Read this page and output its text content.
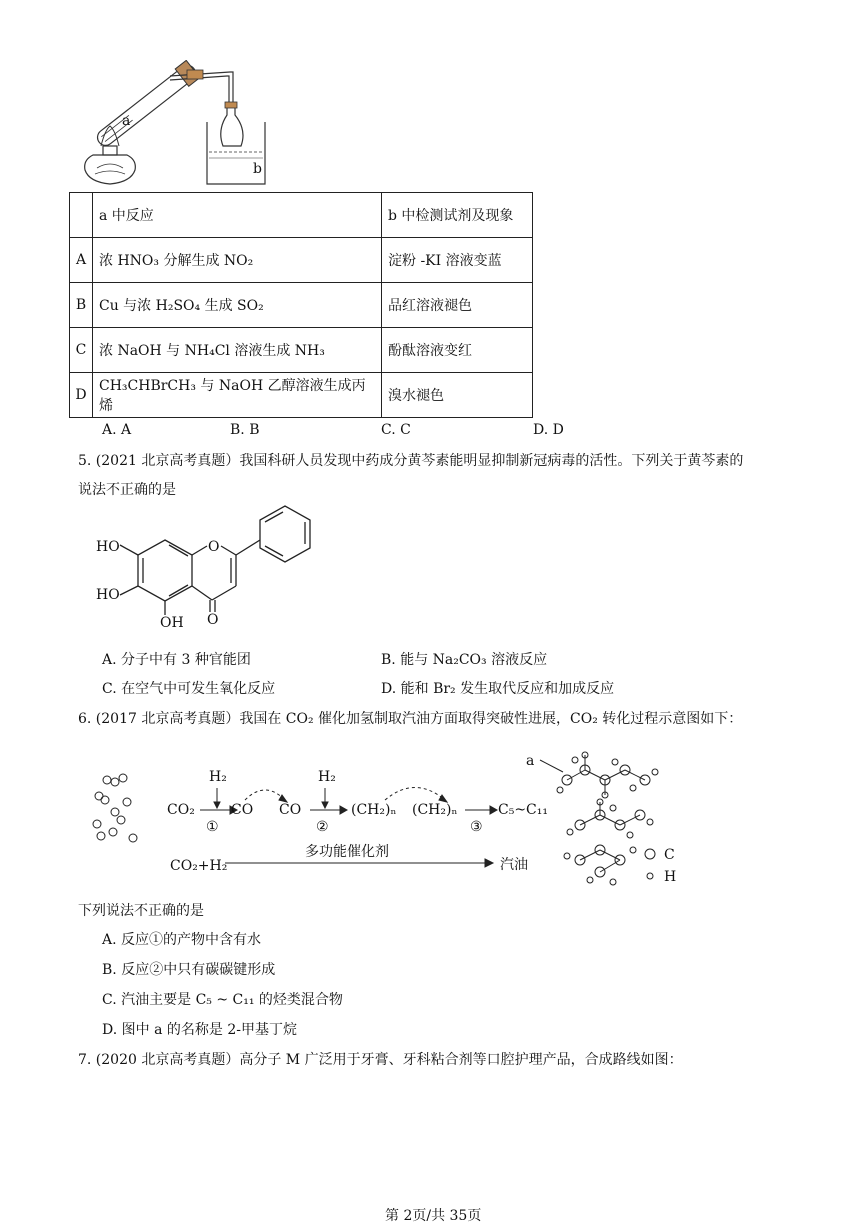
a
b
	a 中反应	b 中检测试剂及现象
A	浓 HNO₃ 分解生成 NO₂	淀粉 -KI 溶液变蓝
B	Cu 与浓 H₂SO₄ 生成 SO₂	品红溶液褪色
C	浓 NaOH 与 NH₄Cl 溶液生成 NH₃	酚酞溶液变红
D	CH₃CHBrCH₃ 与 NaOH 乙醇溶液生成丙烯	溴水褪色
A. A	B. B	C. C	D. D
5. (2021 北京高考真题）我国科研人员发现中药成分黄芩素能明显抑制新冠病毒的活性。下列关于黄芩素的
说法不正确的是
HO
HO
OH
O
O
A. 分子中有 3 种官能团	B. 能与 Na₂CO₃ 溶液反应
C. 在空气中可发生氧化反应	D. 能和 Br₂ 发生取代反应和加成反应
6. (2017 北京高考真题）我国在 CO₂ 催化加氢制取汽油方面取得突破性进展，CO₂ 转化过程示意图如下：
H₂
CO₂	CO
①
CO
H₂
②
(CH₂)ₙ (CH₂)ₙ
③
C₅~C₁₁
CO₂+H₂
多功能催化剂
汽油
a
C
H
下列说法不正确的是
A. 反应①的产物中含有水
B. 反应②中只有碳碳键形成
C. 汽油主要是 C₅ ~ C₁₁ 的烃类混合物
D. 图中 a 的名称是 2-甲基丁烷
7. (2020 北京高考真题）高分子 M 广泛用于牙膏、牙科粘合剂等口腔护理产品，合成路线如图：
第 2页/共 35页
